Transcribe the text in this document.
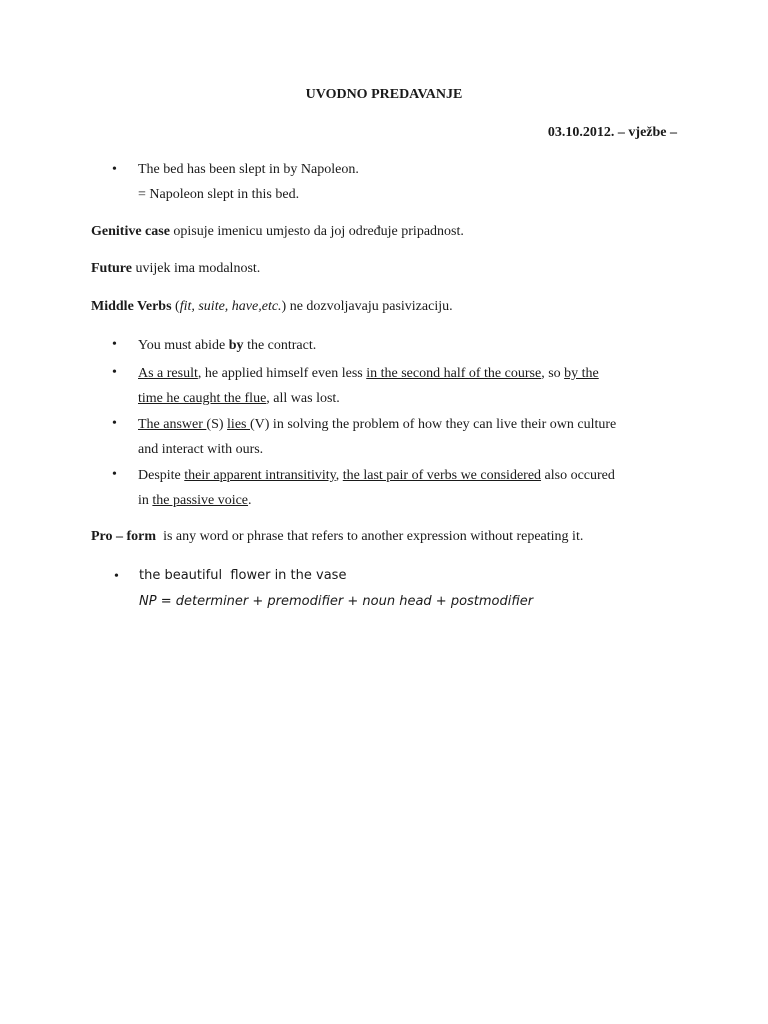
UVODNO PREDAVANJE
03.10.2012. – vježbe –
•	The bed has been slept in by Napoleon.
= Napoleon slept in this bed.
Genitive case opisuje imenicu umjesto da joj određuje pripadnost.
Future uvijek ima modalnost.
Middle Verbs (fit, suite, have,etc.) ne dozvoljavaju pasivizaciju.
•	You must abide by the contract.
•	As a result, he applied himself even less in the second half of the course, so by the
time he caught the flue, all was lost.
•	The answer (S) lies (V) in solving the problem of how they can live their own culture
and interact with ours.
•	Despite their apparent intransitivity, the last pair of verbs we considered also occured
in the passive voice.
Pro – form  is any word or phrase that refers to another expression without repeating it.
•	the beautiful  flower in the vase
NP = determiner + premodifier + noun head + postmodifier
